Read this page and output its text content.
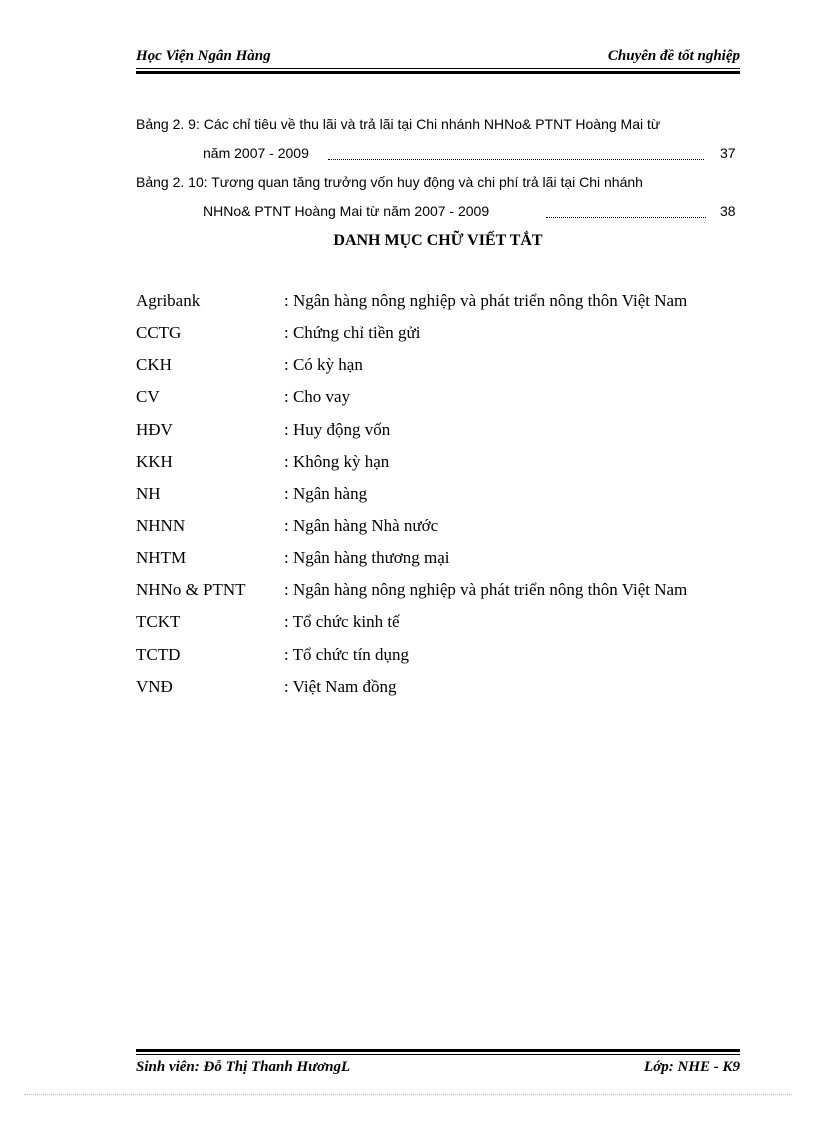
Học Viện Ngân Hàng	Chuyên đề tốt nghiệp
Bảng 2. 9: Các chỉ tiêu về thu lãi và trả lãi tại Chi nhánh NHNo& PTNT Hoàng Mai từ
năm 2007 - 2009	37
Bảng 2. 10: Tương quan tăng trưởng vốn huy động và chi phí trả lãi tại Chi nhánh
NHNo& PTNT Hoàng Mai từ năm 2007 - 2009	38
DANH MỤC CHỮ VIẾT TẮT
Agribank	: Ngân hàng nông nghiệp và phát triển nông thôn Việt Nam
CCTG	: Chứng chỉ tiền gửi
CKH	: Có kỳ hạn
CV	: Cho vay
HĐV	: Huy động vốn
KKH	: Không kỳ hạn
NH	: Ngân hàng
NHNN	: Ngân hàng Nhà nước
NHTM	: Ngân hàng thương mại
NHNo & PTNT : Ngân hàng nông nghiệp và phát triển nông thôn Việt Nam
TCKT	: Tổ chức kinh tế
TCTD	: Tổ chức tín dụng
VNĐ	: Việt Nam đồng
Sinh viên: Đỗ Thị Thanh HươngL	Lớp: NHE - K9
